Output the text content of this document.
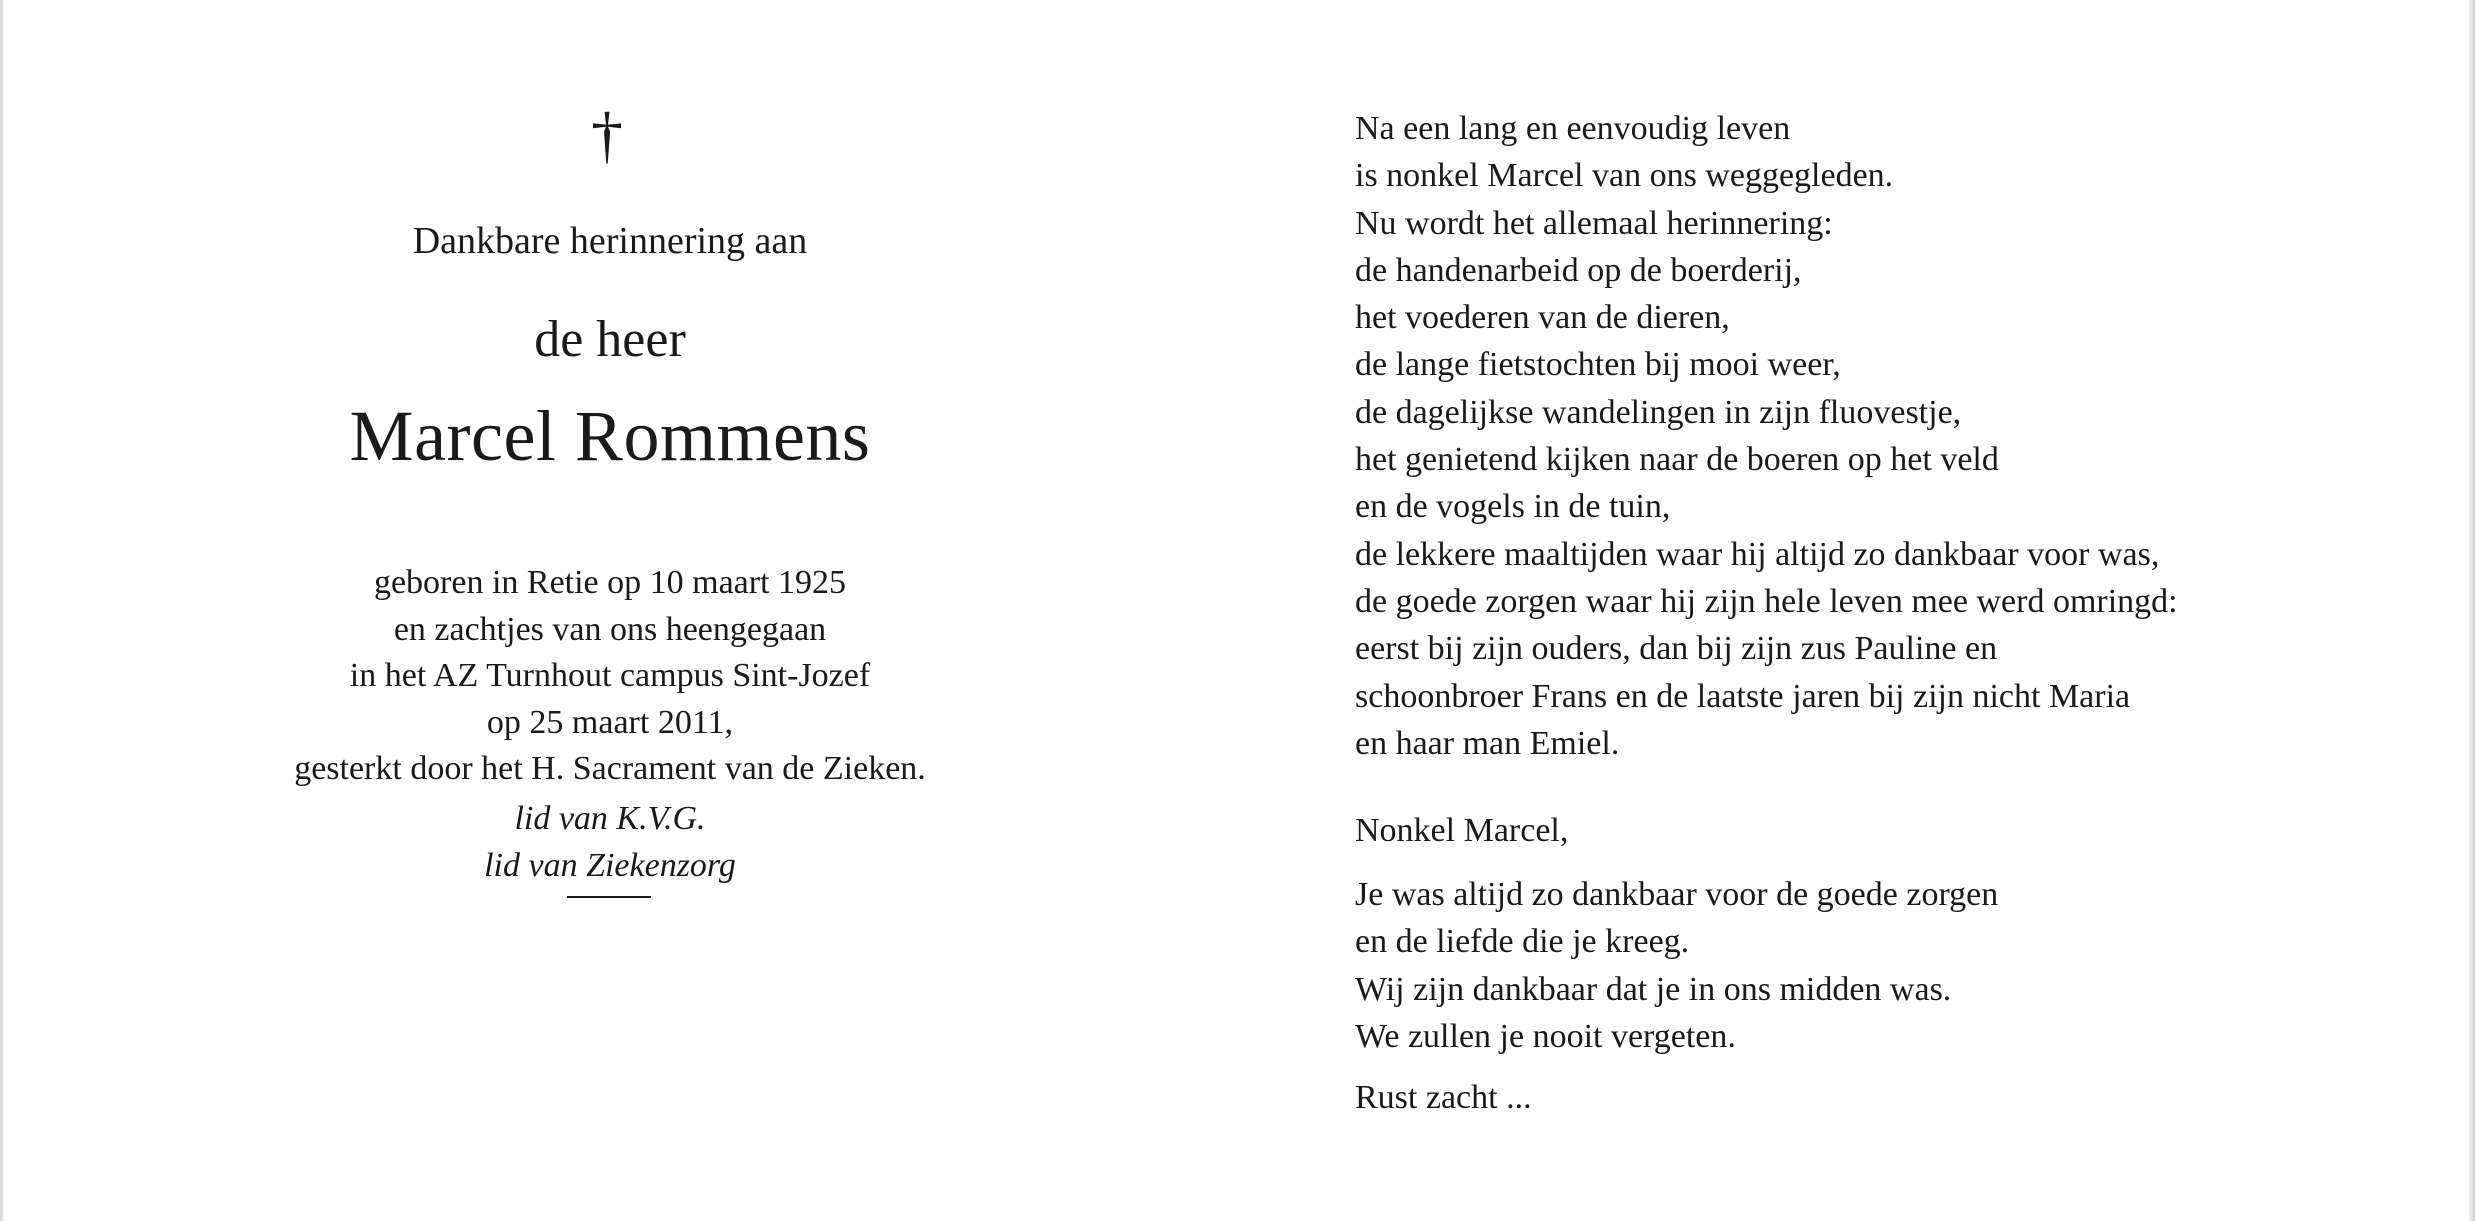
†
Dankbare herinnering aan
de heer
Marcel Rommens
geboren in Retie op 10 maart 1925
en zachtjes van ons heengegaan
in het AZ Turnhout campus Sint-Jozef
op 25 maart 2011,
gesterkt door het H. Sacrament van de Zieken.
lid van K.V.G.
lid van Ziekenzorg
Na een lang en eenvoudig leven
is nonkel Marcel van ons weggegleden.
Nu wordt het allemaal herinnering:
de handenarbeid op de boerderij,
het voederen van de dieren,
de lange fietstochten bij mooi weer,
de dagelijkse wandelingen in zijn fluovestje,
het genietend kijken naar de boeren op het veld
en de vogels in de tuin,
de lekkere maaltijden waar hij altijd zo dankbaar voor was,
de goede zorgen waar hij zijn hele leven mee werd omringd:
eerst bij zijn ouders, dan bij zijn zus Pauline en
schoonbroer Frans en de laatste jaren bij zijn nicht Maria
en haar man Emiel.
Nonkel Marcel,
Je was altijd zo dankbaar voor de goede zorgen
en de liefde die je kreeg.
Wij zijn dankbaar dat je in ons midden was.
We zullen je nooit vergeten.
Rust zacht ...
